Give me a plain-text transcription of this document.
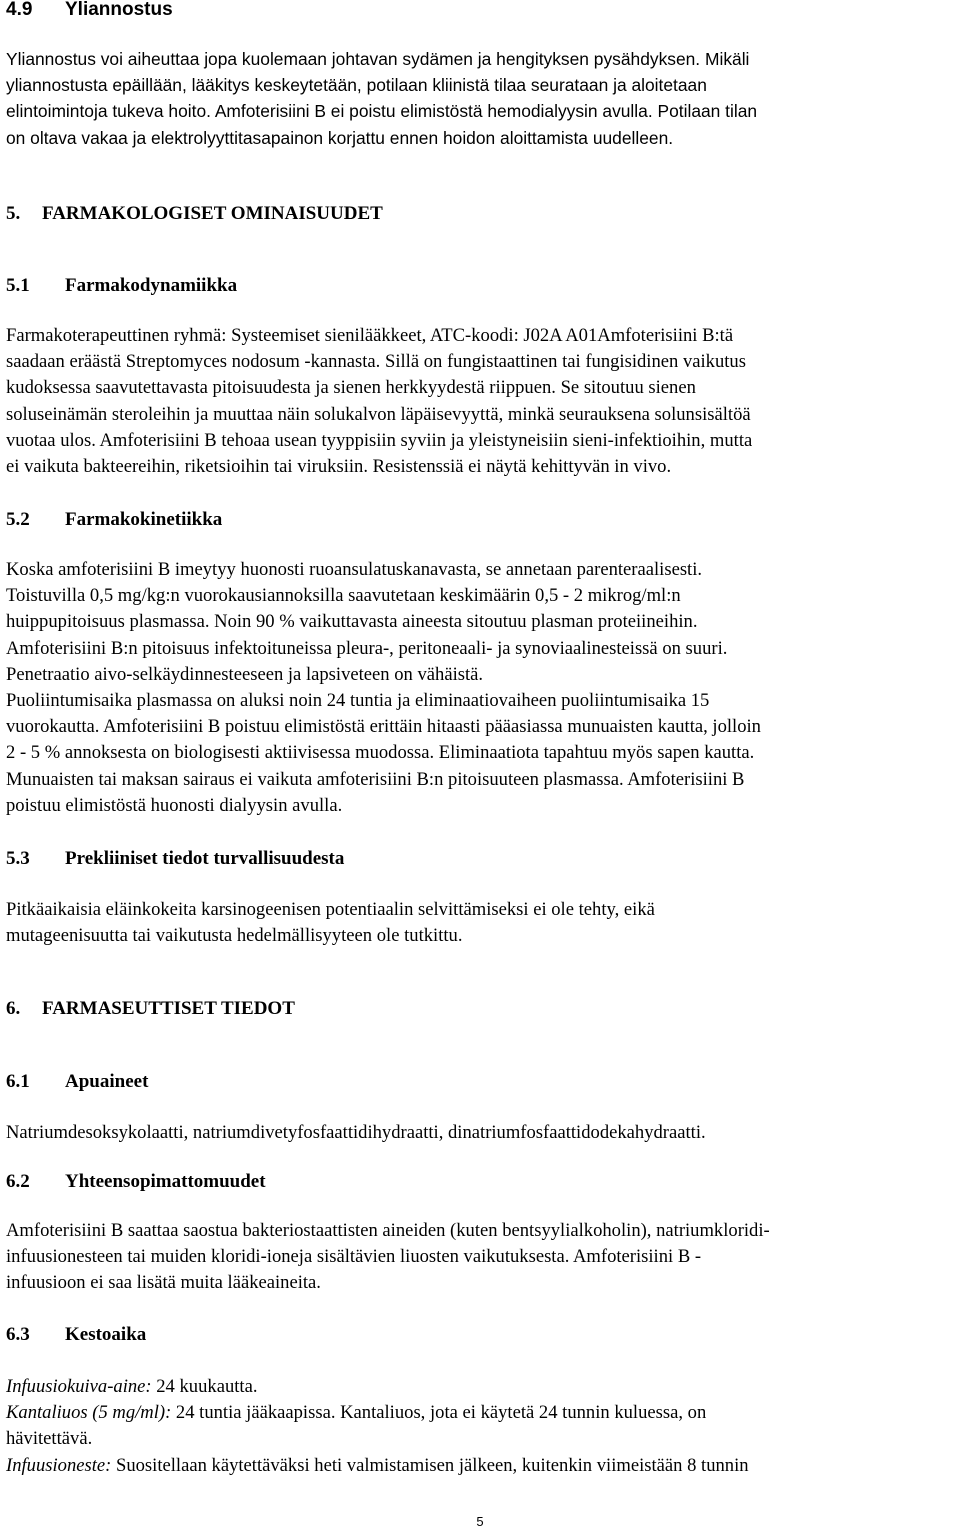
4.9 Yliannostus
Yliannostus voi aiheuttaa jopa kuolemaan johtavan sydämen ja hengityksen pysähdyksen. Mikäli
yliannostusta epäillään, lääkitys keskeytetään, potilaan kliinistä tilaa seurataan ja aloitetaan
elintoimintoja tukeva hoito. Amfoterisiini B ei poistu elimistöstä hemodialyysin avulla. Potilaan tilan
on oltava vakaa ja elektrolyyttitasapainon korjattu ennen hoidon aloittamista uudelleen.
5. FARMAKOLOGISET OMINAISUUDET
5.1 Farmakodynamiikka
Farmakoterapeuttinen ryhmä: Systeemiset sienilääkkeet, ATC-koodi: J02A A01Amfoterisiini B:tä
saadaan eräästä Streptomyces nodosum -kannasta. Sillä on fungistaattinen tai fungisidinen vaikutus
kudoksessa saavutettavasta pitoisuudesta ja sienen herkkyydestä riippuen. Se sitoutuu sienen
soluseinämän steroleihin ja muuttaa näin solukalvon läpäisevyyttä, minkä seurauksena solunsisältöä
vuotaa ulos. Amfoterisiini B tehoaa usean tyyppisiin syviin ja yleistyneisiin sieni-infektioihin, mutta
ei vaikuta bakteereihin, riketsioihin tai viruksiin. Resistenssiä ei näytä kehittyvän in vivo.
5.2 Farmakokinetiikka
Koska amfoterisiini B imeytyy huonosti ruoansulatuskanavasta, se annetaan parenteraalisesti.
Toistuvilla 0,5 mg/kg:n vuorokausiannoksilla saavutetaan keskimäärin 0,5 - 2 mikrog/ml:n
huippupitoisuus plasmassa. Noin 90 % vaikuttavasta aineesta sitoutuu plasman proteiineihin.
Amfoterisiini B:n pitoisuus infektoituneissa pleura-, peritoneaali- ja synoviaalinesteissä on suuri.
Penetraatio aivo-selkäydinnesteeseen ja lapsiveteen on vähäistä.
Puoliintumisaika plasmassa on aluksi noin 24 tuntia ja eliminaatiovaiheen puoliintumisaika 15
vuorokautta. Amfoterisiini B poistuu elimistöstä erittäin hitaasti pääasiassa munuaisten kautta, jolloin
2 - 5 % annoksesta on biologisesti aktiivisessa muodossa. Eliminaatiota tapahtuu myös sapen kautta.
Munuaisten tai maksan sairaus ei vaikuta amfoterisiini B:n pitoisuuteen plasmassa. Amfoterisiini B
poistuu elimistöstä huonosti dialyysin avulla.
5.3 Prekliiniset tiedot turvallisuudesta
Pitkäaikaisia eläinkokeita karsinogeenisen potentiaalin selvittämiseksi ei ole tehty, eikä
mutageenisuutta tai vaikutusta hedelmällisyyteen ole tutkittu.
6. FARMASEUTTISET TIEDOT
6.1 Apuaineet
Natriumdesoksykolaatti, natriumdivetyfosfaattidihydraatti, dinatriumfosfaattidodekahydraatti.
6.2 Yhteensopimattomuudet
Amfoterisiini B saattaa saostua bakteriostaattisten aineiden (kuten bentsyylialkoholin), natriumkloridi-
infuusionesteen tai muiden kloridi-ioneja sisältävien liuosten vaikutuksesta. Amfoterisiini B -
infuusioon ei saa lisätä muita lääkeaineita.
6.3 Kestoaika
Infuusiokuiva-aine: 24 kuukautta.
Kantaliuos (5 mg/ml): 24 tuntia jääkaapissa. Kantaliuos, jota ei käytetä 24 tunnin kuluessa, on
hävitettävä.
Infuusioneste: Suositellaan käytettäväksi heti valmistamisen jälkeen, kuitenkin viimeistään 8 tunnin
5
